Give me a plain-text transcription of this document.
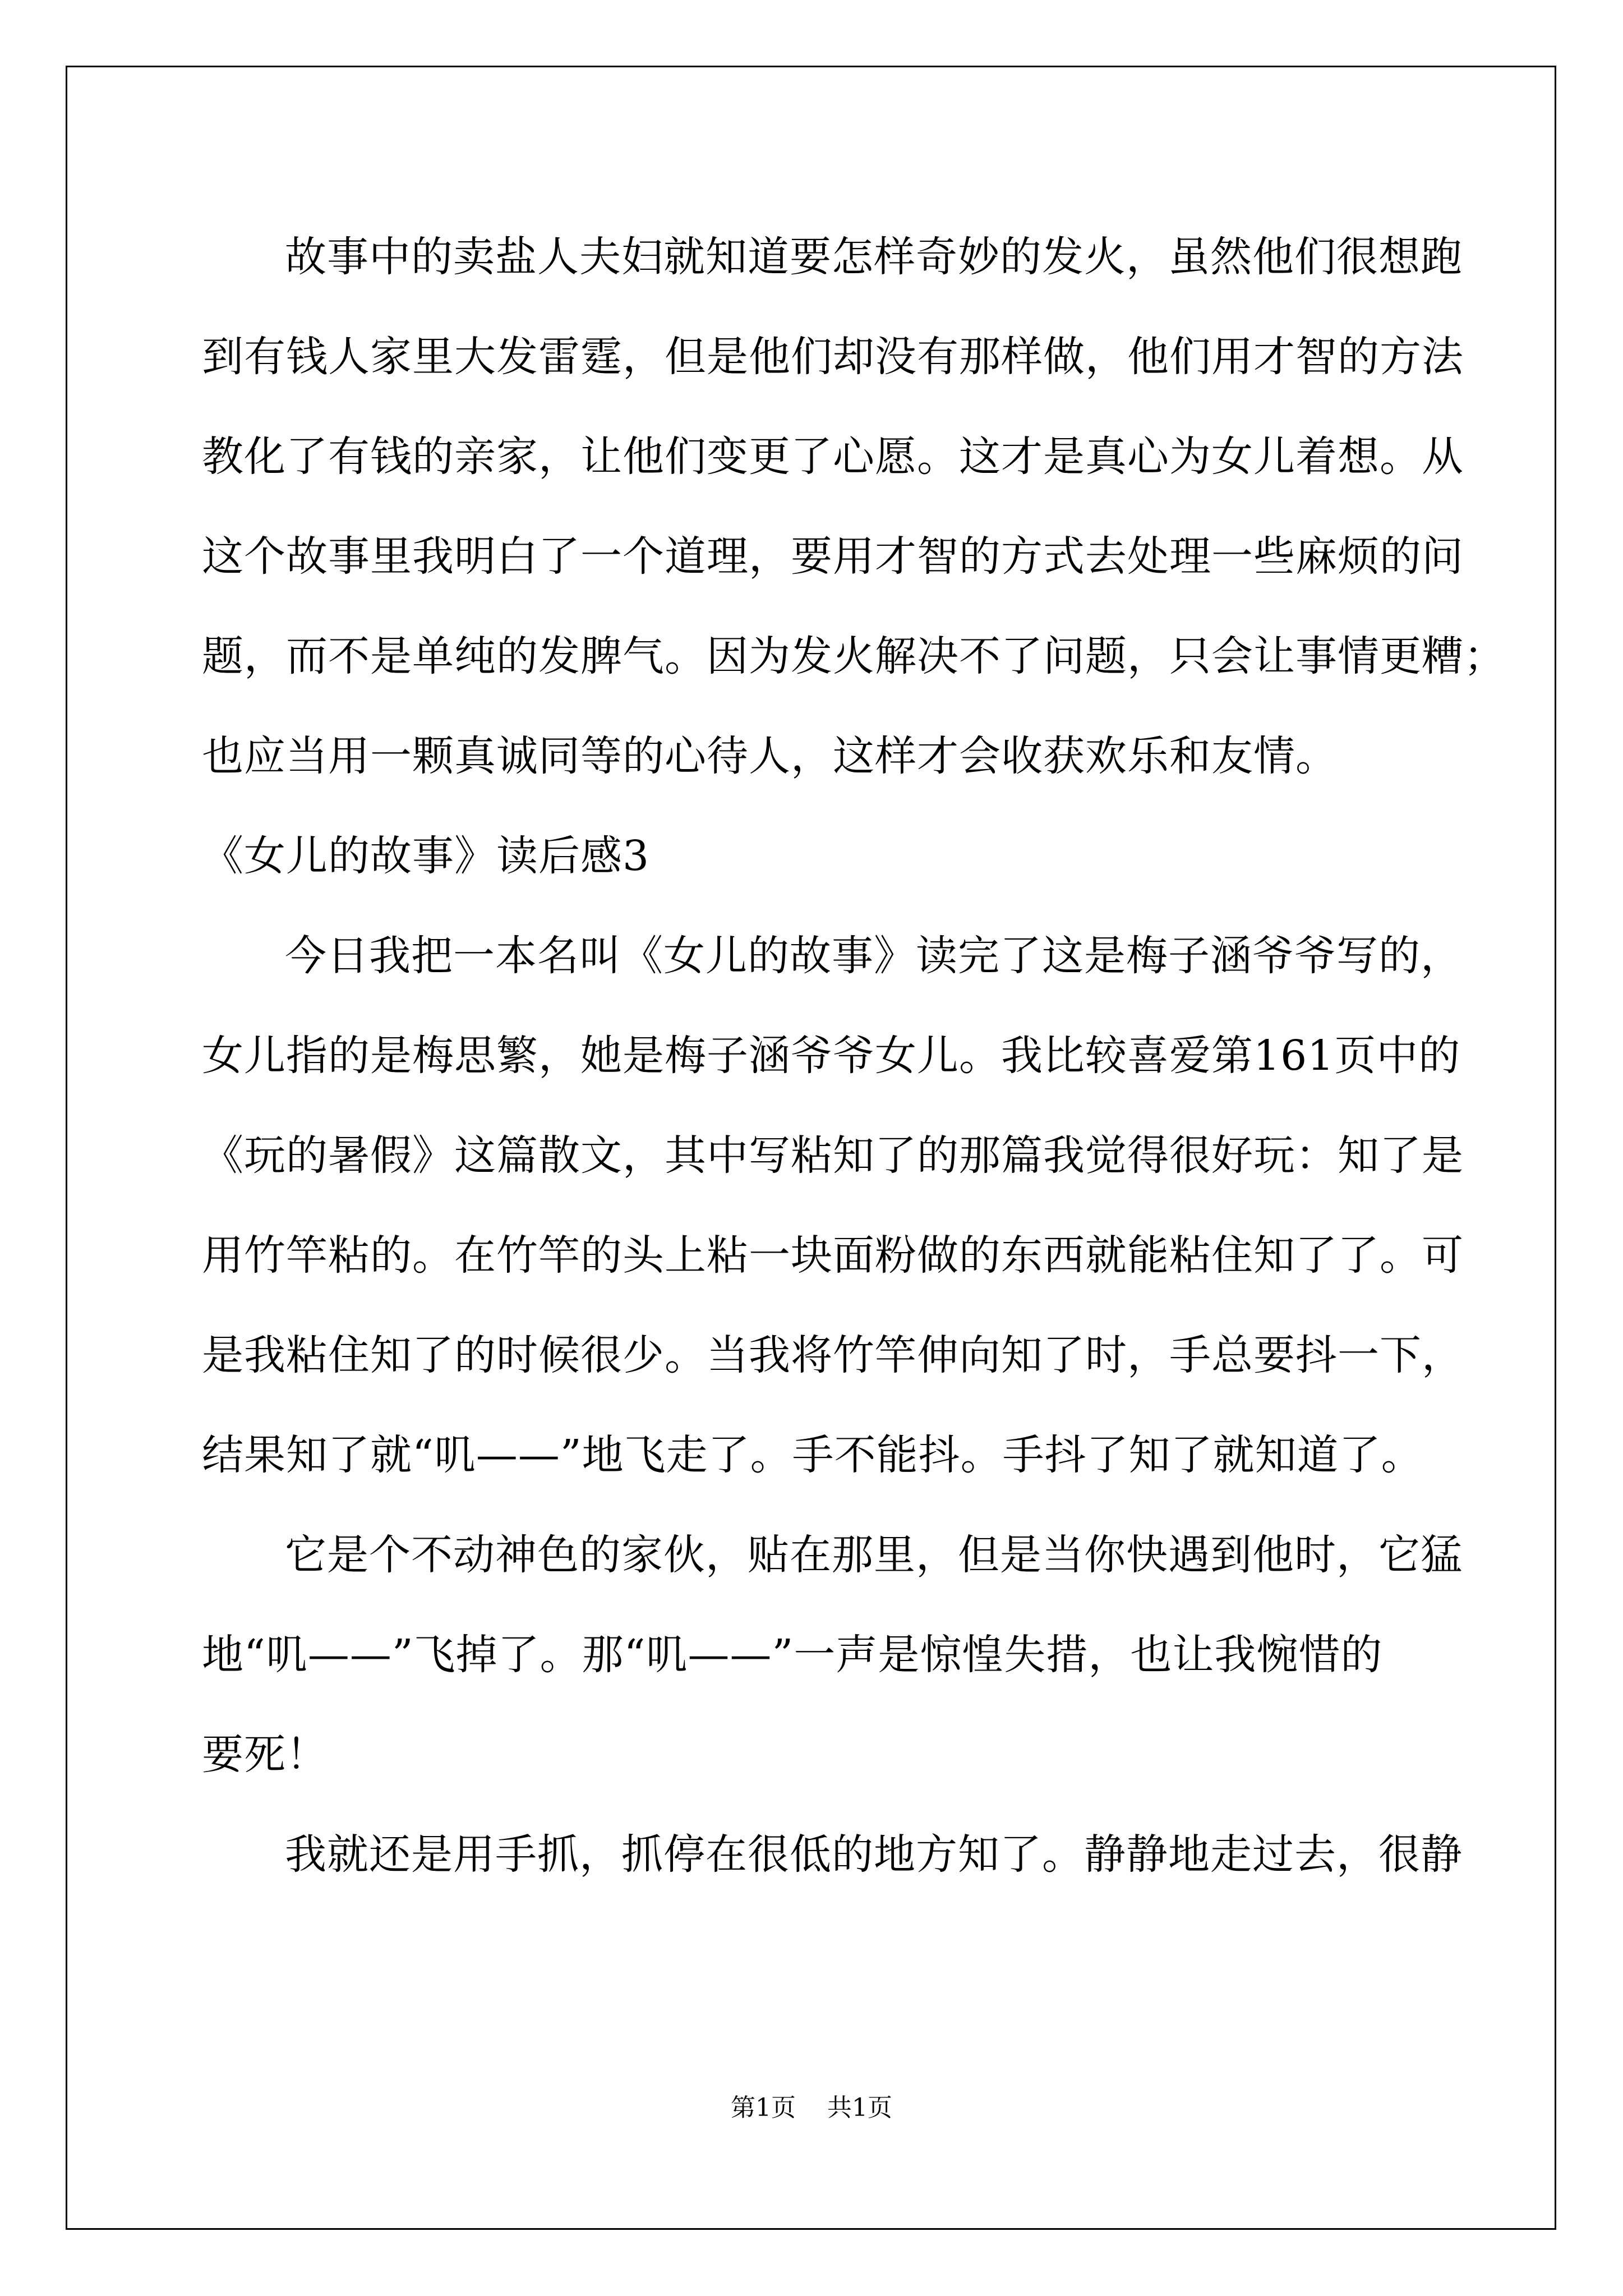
故事中的卖盐人夫妇就知道要怎样奇妙的发火，虽然他们很想跑
到有钱人家里大发雷霆，但是他们却没有那样做，他们用才智的方法
教化了有钱的亲家，让他们变更了心愿。这才是真心为女儿着想。从
这个故事里我明白了一个道理，要用才智的方式去处理一些麻烦的问
题，而不是单纯的发脾气。因为发火解决不了问题，只会让事情更糟；
也应当用一颗真诚同等的心待人，这样才会收获欢乐和友情。
《女儿的故事》读后感3
今日我把一本名叫《女儿的故事》读完了这是梅子涵爷爷写的，
女儿指的是梅思繁，她是梅子涵爷爷女儿。我比较喜爱第161页中的
《玩的暑假》这篇散文，其中写粘知了的那篇我觉得很好玩：知了是
用竹竿粘的。在竹竿的头上粘一块面粉做的东西就能粘住知了了。可
是我粘住知了的时候很少。当我将竹竿伸向知了时，手总要抖一下，
结果知了就“叽——”地飞走了。手不能抖。手抖了知了就知道了。
它是个不动神色的家伙，贴在那里，但是当你快遇到他时，它猛
地“叽——”飞掉了。那“叽——”一声是惊惶失措，也让我惋惜的
要死！
我就还是用手抓，抓停在很低的地方知了。静静地走过去，很静
第1页    共1页
